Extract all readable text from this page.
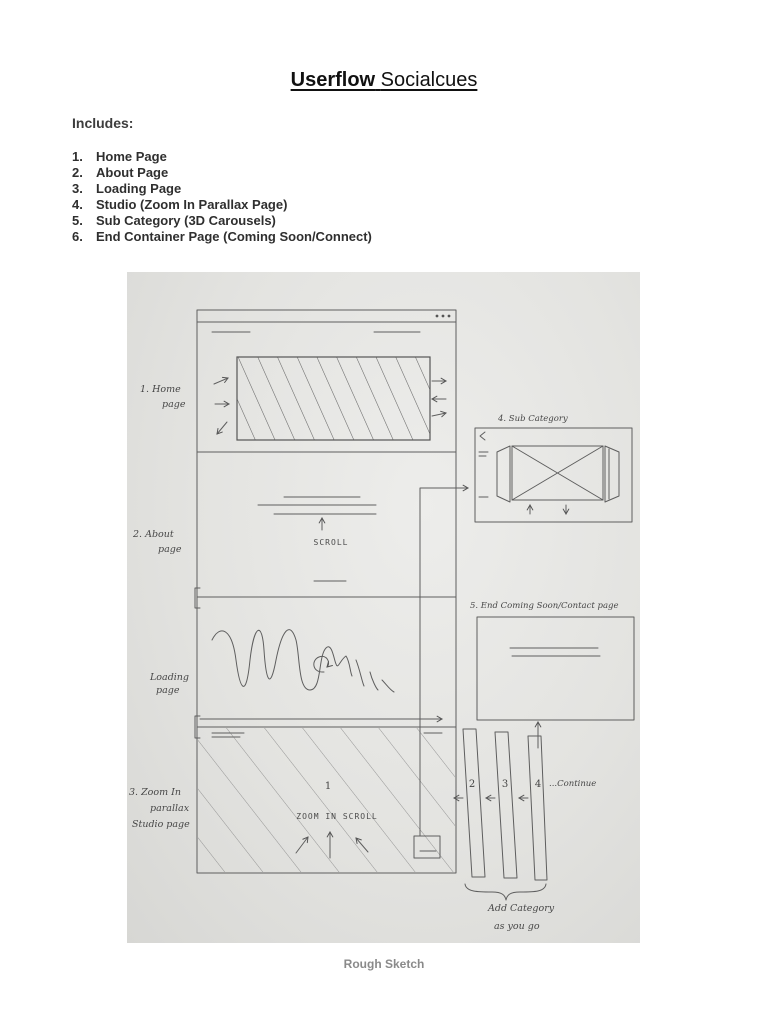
Userflow Socialcues
Includes:
1. Home Page
2. About Page
3. Loading Page
4. Studio (Zoom In Parallax Page)
5. Sub Category (3D Carousels)
6. End Container Page (Coming Soon/Connect)
SCROLL
1
ZOOM IN SCROLL
4. Sub Category
5. End Coming Soon/Contact page
2	3	4 ...Continue
Add Category
as you go
1. Home
page
2. About
page
Loading
page
3. Zoom In
parallax
Studio page
Rough Sketch
